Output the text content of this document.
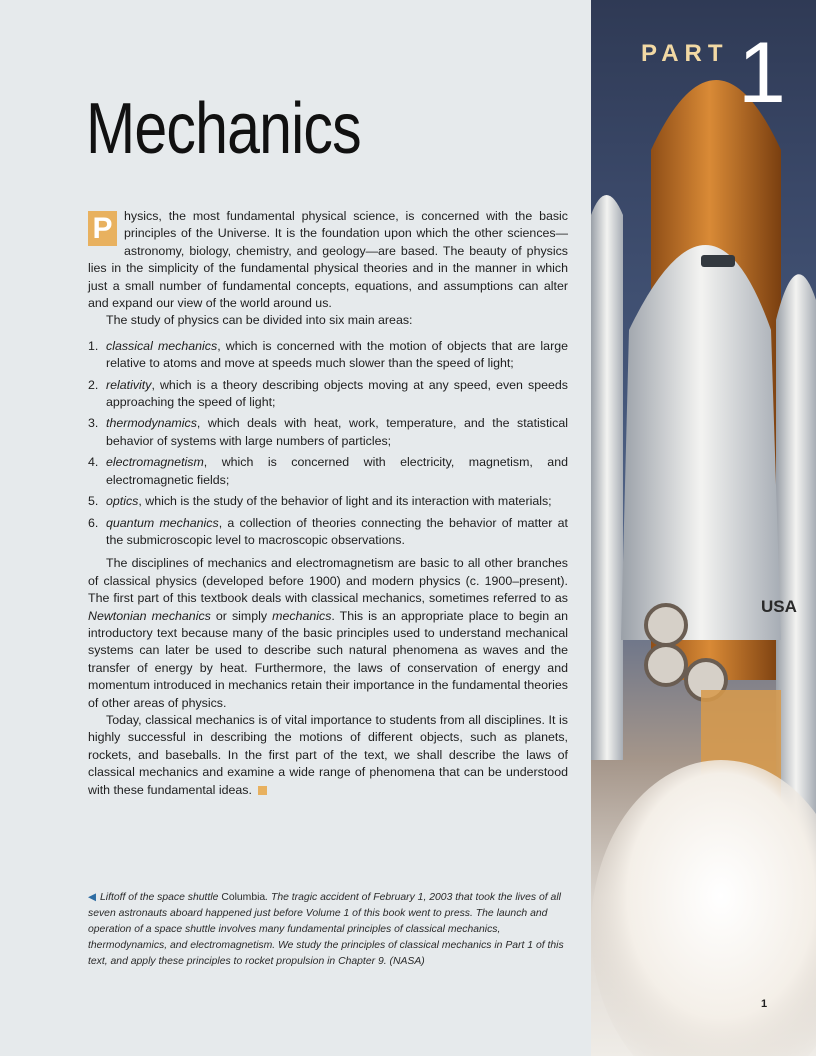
USA
PART 1
Mechanics

P hysics, the most fundamental physical science, is concerned with the basic principles of the Universe. It is the foundation upon which the other sciences—astronomy, biology, chemistry, and geology—are based. The beauty of physics lies in the simplicity of the fundamental physical theories and in the manner in which just a small number of fundamental concepts, equations, and assumptions can alter and expand our view of the world around us.

The study of physics can be divided into six main areas:

1. classical mechanics, which is concerned with the motion of objects that are large relative to atoms and move at speeds much slower than the speed of light;
2. relativity, which is a theory describing objects moving at any speed, even speeds approaching the speed of light;
3. thermodynamics, which deals with heat, work, temperature, and the statistical behavior of systems with large numbers of particles;
4. electromagnetism, which is concerned with electricity, magnetism, and electromagnetic fields;
5. optics, which is the study of the behavior of light and its interaction with materials;
6. quantum mechanics, a collection of theories connecting the behavior of matter at the submicroscopic level to macroscopic observations.

The disciplines of mechanics and electromagnetism are basic to all other branches of classical physics (developed before 1900) and modern physics (c. 1900–present). The first part of this textbook deals with classical mechanics, sometimes referred to as Newtonian mechanics or simply mechanics. This is an appropriate place to begin an introductory text because many of the basic principles used to understand mechanical systems can later be used to describe such natural phenomena as waves and the transfer of energy by heat. Furthermore, the laws of conservation of energy and momentum introduced in mechanics retain their importance in the fundamental theories of other areas of physics.

Today, classical mechanics is of vital importance to students from all disciplines. It is highly successful in describing the motions of different objects, such as planets, rockets, and baseballs. In the first part of the text, we shall describe the laws of classical mechanics and examine a wide range of phenomena that can be understood with these fundamental ideas.

◀ Liftoff of the space shuttle Columbia. The tragic accident of February 1, 2003 that took the lives of all seven astronauts aboard happened just before Volume 1 of this book went to press. The launch and operation of a space shuttle involves many fundamental principles of classical mechanics, thermodynamics, and electromagnetism. We study the principles of classical mechanics in Part 1 of this text, and apply these principles to rocket propulsion in Chapter 9. (NASA)
1
